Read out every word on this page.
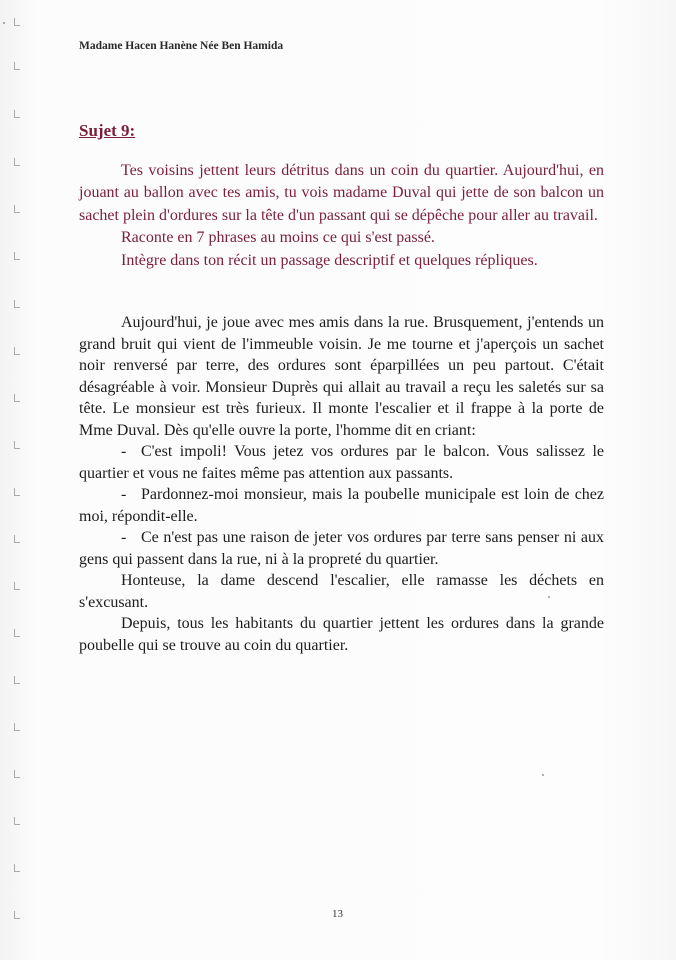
Madame Hacen Hanène Née Ben Hamida
Sujet 9:

Tes voisins jettent leurs détritus dans un coin du quartier. Aujourd'hui, en jouant au ballon avec tes amis, tu vois madame Duval qui jette de son balcon un sachet plein d'ordures sur la tête d'un passant qui se dépêche pour aller au travail.

Raconte en 7 phrases au moins ce qui s'est passé.

Intègre dans ton récit un passage descriptif et quelques répliques.

Aujourd'hui, je joue avec mes amis dans la rue. Brusquement, j'entends un grand bruit qui vient de l'immeuble voisin. Je me tourne et j'aperçois un sachet noir renversé par terre, des ordures sont éparpillées un peu partout. C'était désagréable à voir. Monsieur Duprès qui allait au travail a reçu les saletés sur sa tête. Le monsieur est très furieux. Il monte l'escalier et il frappe à la porte de Mme Duval. Dès qu'elle ouvre la porte, l'homme dit en criant:

- C'est impoli! Vous jetez vos ordures par le balcon. Vous salissez le quartier et vous ne faites même pas attention aux passants.

- Pardonnez-moi monsieur, mais la poubelle municipale est loin de chez moi, répondit-elle.

- Ce n'est pas une raison de jeter vos ordures par terre sans penser ni aux gens qui passent dans la rue, ni à la propreté du quartier.

Honteuse, la dame descend l'escalier, elle ramasse les déchets en s'excusant.

Depuis, tous les habitants du quartier jettent les ordures dans la grande poubelle qui se trouve au coin du quartier.

13
